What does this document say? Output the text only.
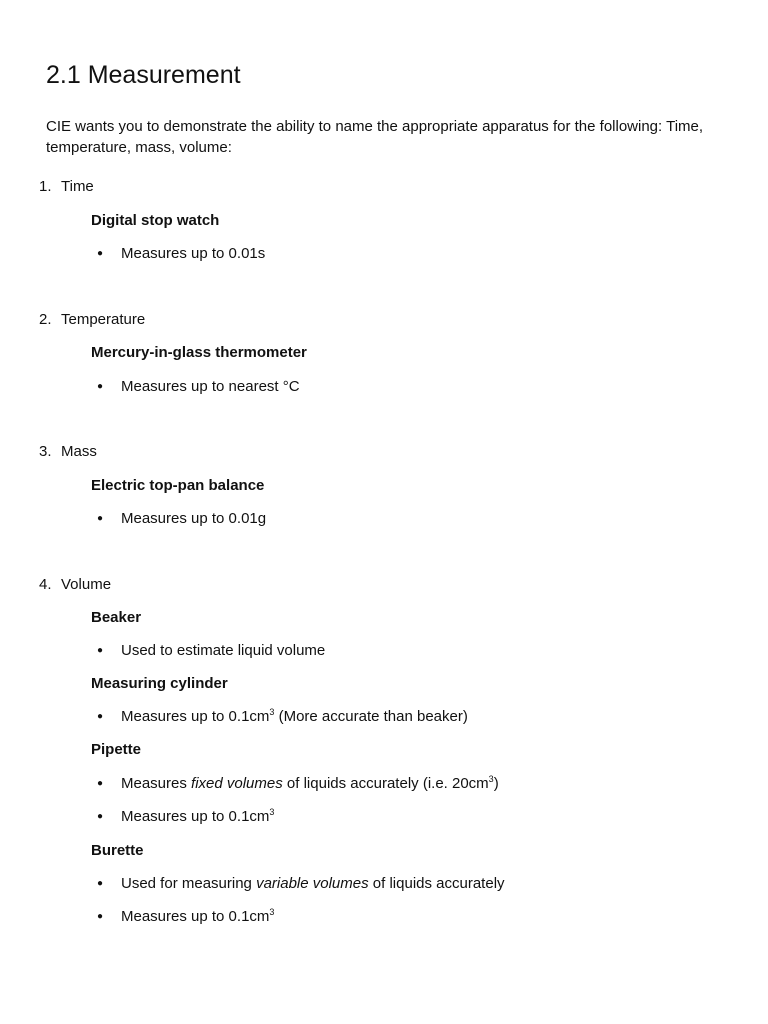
2.1 Measurement

CIE wants you to demonstrate the ability to name the appropriate apparatus for the following: Time, temperature, mass, volume:

1. Time
Digital stop watch
● Measures up to 0.01s
2. Temperature
Mercury-in-glass thermometer
● Measures up to nearest °C
3. Mass
Electric top-pan balance
● Measures up to 0.01g
4. Volume
Beaker
● Used to estimate liquid volume
Measuring cylinder
● Measures up to $0.1cm^3$ (More accurate than beaker)
Pipette
● Measures fixed volumes of liquids accurately (i.e. $20cm^3$)
● Measures up to $0.1cm^3$
Burette
● Used for measuring variable volumes of liquids accurately
● Measures up to $0.1cm^3$
